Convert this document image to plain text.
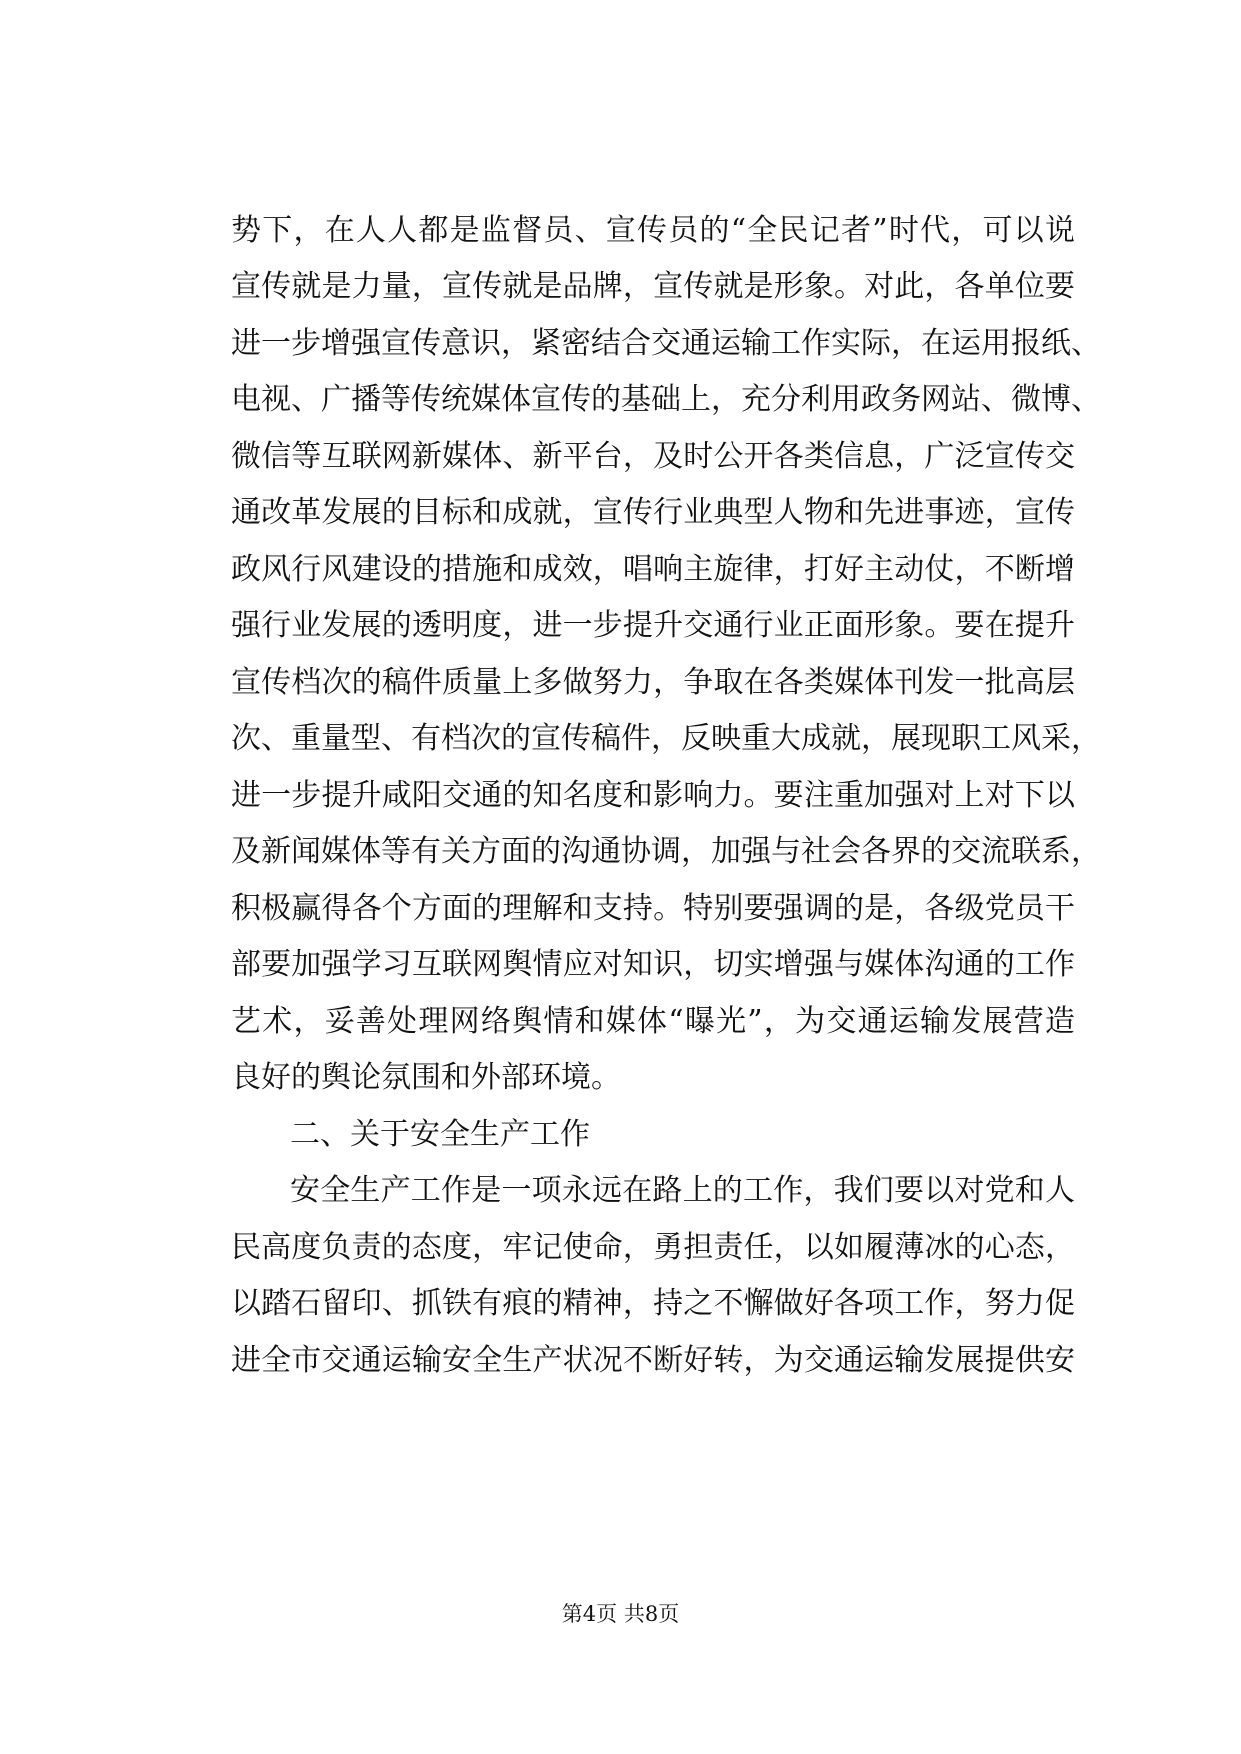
势下，在人人都是监督员、宣传员的“全民记者”时代，可以说
宣传就是力量，宣传就是品牌，宣传就是形象。对此，各单位要
进一步增强宣传意识，紧密结合交通运输工作实际，在运用报纸、
电视、广播等传统媒体宣传的基础上，充分利用政务网站、微博、
微信等互联网新媒体、新平台，及时公开各类信息，广泛宣传交
通改革发展的目标和成就，宣传行业典型人物和先进事迹，宣传
政风行风建设的措施和成效，唱响主旋律，打好主动仗，不断增
强行业发展的透明度，进一步提升交通行业正面形象。要在提升
宣传档次的稿件质量上多做努力，争取在各类媒体刊发一批高层
次、重量型、有档次的宣传稿件，反映重大成就，展现职工风采，
进一步提升咸阳交通的知名度和影响力。要注重加强对上对下以
及新闻媒体等有关方面的沟通协调，加强与社会各界的交流联系，
积极赢得各个方面的理解和支持。特别要强调的是，各级党员干
部要加强学习互联网舆情应对知识，切实增强与媒体沟通的工作
艺术，妥善处理网络舆情和媒体“曝光”，为交通运输发展营造
良好的舆论氛围和外部环境。
二、关于安全生产工作
安全生产工作是一项永远在路上的工作，我们要以对党和人
民高度负责的态度，牢记使命，勇担责任，以如履薄冰的心态，
以踏石留印、抓铁有痕的精神，持之不懈做好各项工作，努力促
进全市交通运输安全生产状况不断好转，为交通运输发展提供安
第4页 共8页
